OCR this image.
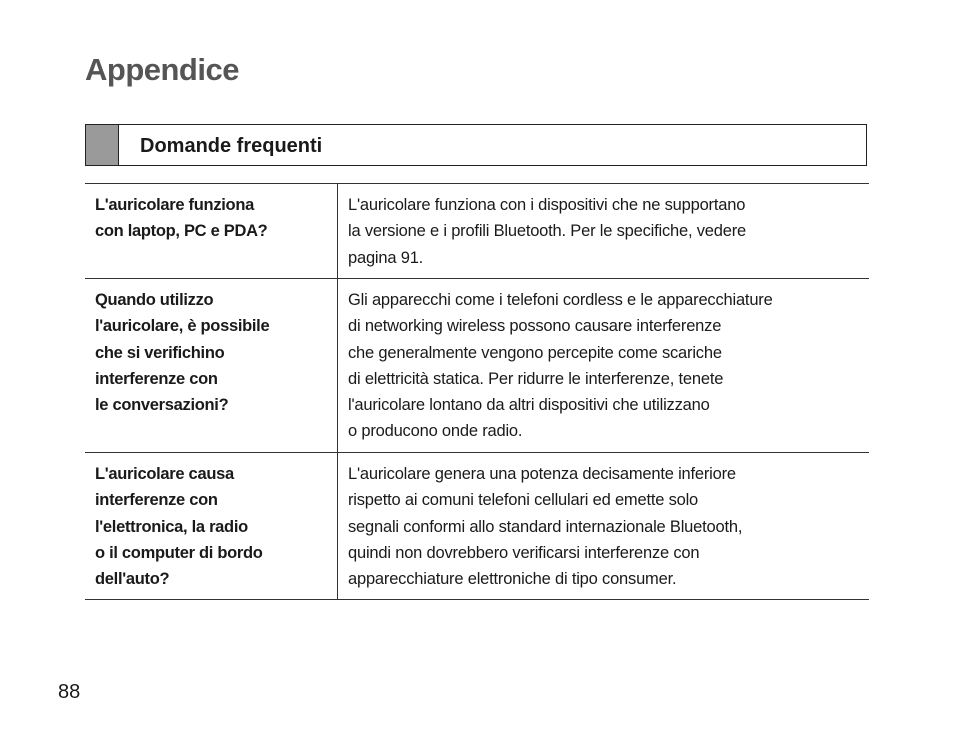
Appendice
Domande frequenti
L'auricolare funziona
con laptop, PC e PDA?
L'auricolare funziona con i dispositivi che ne supportano
la versione e i profili Bluetooth. Per le specifiche, vedere
pagina 91.
Quando utilizzo
l'auricolare, è possibile
che si verifichino
interferenze con
le conversazioni?
Gli apparecchi come i telefoni cordless e le apparecchiature
di networking wireless possono causare interferenze
che generalmente vengono percepite come scariche
di elettricità statica. Per ridurre le interferenze, tenete
l'auricolare lontano da altri dispositivi che utilizzano
o producono onde radio.
L'auricolare causa
interferenze con
l'elettronica, la radio
o il computer di bordo
dell'auto?
L'auricolare genera una potenza decisamente inferiore
rispetto ai comuni telefoni cellulari ed emette solo
segnali conformi allo standard internazionale Bluetooth,
quindi non dovrebbero verificarsi interferenze con
apparecchiature elettroniche di tipo consumer.
88
